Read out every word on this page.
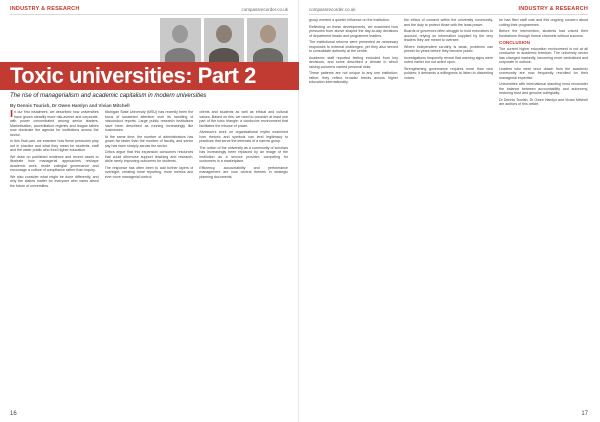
INDUSTRY & RESEARCH	compassrecorder.co.uk
Toxic universities: Part 2
The rise of managerialism and academic capitalism in modern universities
By Dennis Tourish, Dr Owen Hamlyn and Vivian Mitchell

In our first instalment, we described how universities have grown steadily more risk-averse and corporate, with power concentrated among senior leaders. Marketisation, accreditation regimes and league tables now dominate the agenda for institutions across the sector.

In this final part, we examine how these pressures play out in practice and what they mean for students, staff and the wider public who fund higher education.

We draw on published evidence and recent cases to illustrate how managerial approaches reshape academic work, erode collegial governance and encourage a culture of compliance rather than inquiry.

We also consider what might be done differently, and why the stakes matter for everyone who cares about the future of universities.

Michigan State University (MSU) has recently been the focus of sustained attention over its handling of misconduct reports. Large public research institutions have been described as running increasingly like businesses.

At the same time, the number of administrators has grown far faster than the number of faculty, and senior pay has risen sharply across the sector.

Critics argue that this expansion consumes resources that could otherwise support teaching and research, while rarely improving outcomes for students.

The response has often been to add further layers of oversight, creating more reporting, more metrics and ever more managerial control.

clients and students as well as ethical and cultural values. Based on this, we need to consider at least one part of the toxic triangle: a conducive environment that facilitates the misuse of power.

Alvesson's work on organisational myths examined how rhetoric and symbols can lend legitimacy to practices that serve the interests of a narrow group.

The notion of the university as a community of scholars has increasingly been replaced by an image of the institution as a service provider, competing for customers in a marketplace.

Efficiency, accountability and performance management are now central themes in strategic planning documents.

16
compassrecorder.co.uk	INDUSTRY & RESEARCH

group exerted a quieter influence on the institution.

Reflecting on these developments, we examined how pressures from above shaped the day-to-day decisions of department heads and programme leaders.

The institutional reforms were presented as necessary responses to external challenges, yet they also served to consolidate authority at the centre.

Academic staff reported feeling excluded from key decisions, and some described a climate in which raising concerns carried personal risks.

These patterns are not unique to any one institution; rather, they reflect broader trends across higher education internationally.

the ethics of consent within the university community, and the duty to protect those with the least power.

Boards of governors often struggle to hold executives to account, relying on information supplied by the very leaders they are meant to oversee.

Where independent scrutiny is weak, problems can persist for years before they become public.

Investigations frequently reveal that warning signs were noted earlier but not acted upon.

Strengthening governance requires more than new policies; it demands a willingness to listen to dissenting voices.

he had filed staff cuts and this ongoing concern about cutting their programmes.

Before the intervention, students had voiced their frustrations through formal channels without success.

CONCLUSION

The current higher education environment is not at all conducive to academic freedom. The university sector has changed markedly, becoming more centralised and corporate in outlook.

Leaders who were once drawn from the academic community are now frequently recruited for their managerial expertise.

Universities with international standing must reconsider the balance between accountability and autonomy, restoring trust and genuine collegiality.

Dr Dennis Tourish, Dr Owen Hamlyn and Vivian Mitchell are authors of this article.

17
